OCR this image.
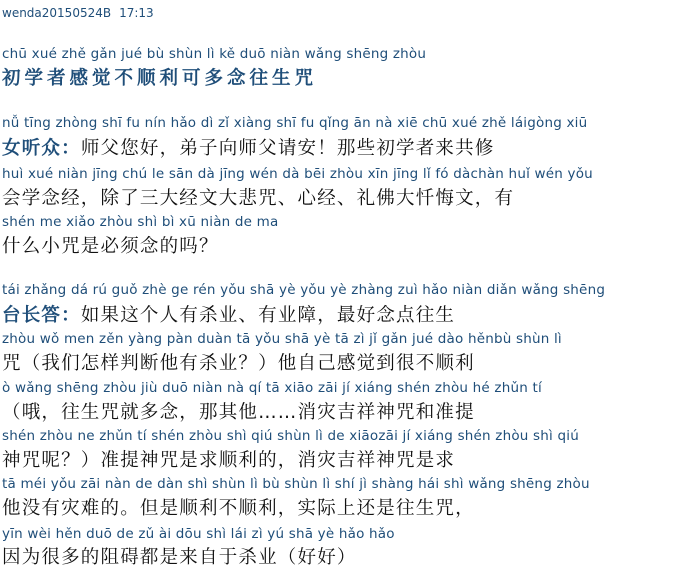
wenda20150524B 17:13
chū xué zhě gǎn jué bù shùn lì kě duō niàn wǎng shēng zhòu
初学者感觉不顺利可多念往生咒
nǚ tīng zhòng shī fu nín hǎo dì zǐ xiàng shī fu qǐng ān nà xiē chū xué zhě láigòng xiū
女听众：师父您好，弟子向师父请安！那些初学者来共修
huì xué niàn jīng chú le sān dà jīng wén dà bēi zhòu xīn jīng lǐ fó dàchàn huǐ wén yǒu
会学念经，除了三大经文大悲咒、心经、礼佛大忏悔文，有
shén me xiǎo zhòu shì bì xū niàn de ma
什么小咒是必须念的吗？
tái zhǎng dá rú guǒ zhè ge rén yǒu shā yè yǒu yè zhàng zuì hǎo niàn diǎn wǎng shēng
台长答：如果这个人有杀业、有业障，最好念点往生
zhòu wǒ men zěn yàng pàn duàn tā yǒu shā yè tā zì jǐ gǎn jué dào hěnbù shùn lì
咒（我们怎样判断他有杀业？）他自己感觉到很不顺利
ò wǎng shēng zhòu jiù duō niàn nà qí tā xiāo zāi jí xiáng shén zhòu hé zhǔn tí
（哦，往生咒就多念，那其他……消灾吉祥神咒和准提
shén zhòu ne zhǔn tí shén zhòu shì qiú shùn lì de xiāozāi jí xiáng shén zhòu shì qiú
神咒呢？）准提神咒是求顺利的，消灾吉祥神咒是求
tā méi yǒu zāi nàn de dàn shì shùn lì bù shùn lì shí jì shàng hái shì wǎng shēng zhòu
他没有灾难的。但是顺利不顺利，实际上还是往生咒，
yīn wèi hěn duō de zǔ ài dōu shì lái zì yú shā yè hǎo hǎo
因为很多的阻碍都是来自于杀业（好好）
